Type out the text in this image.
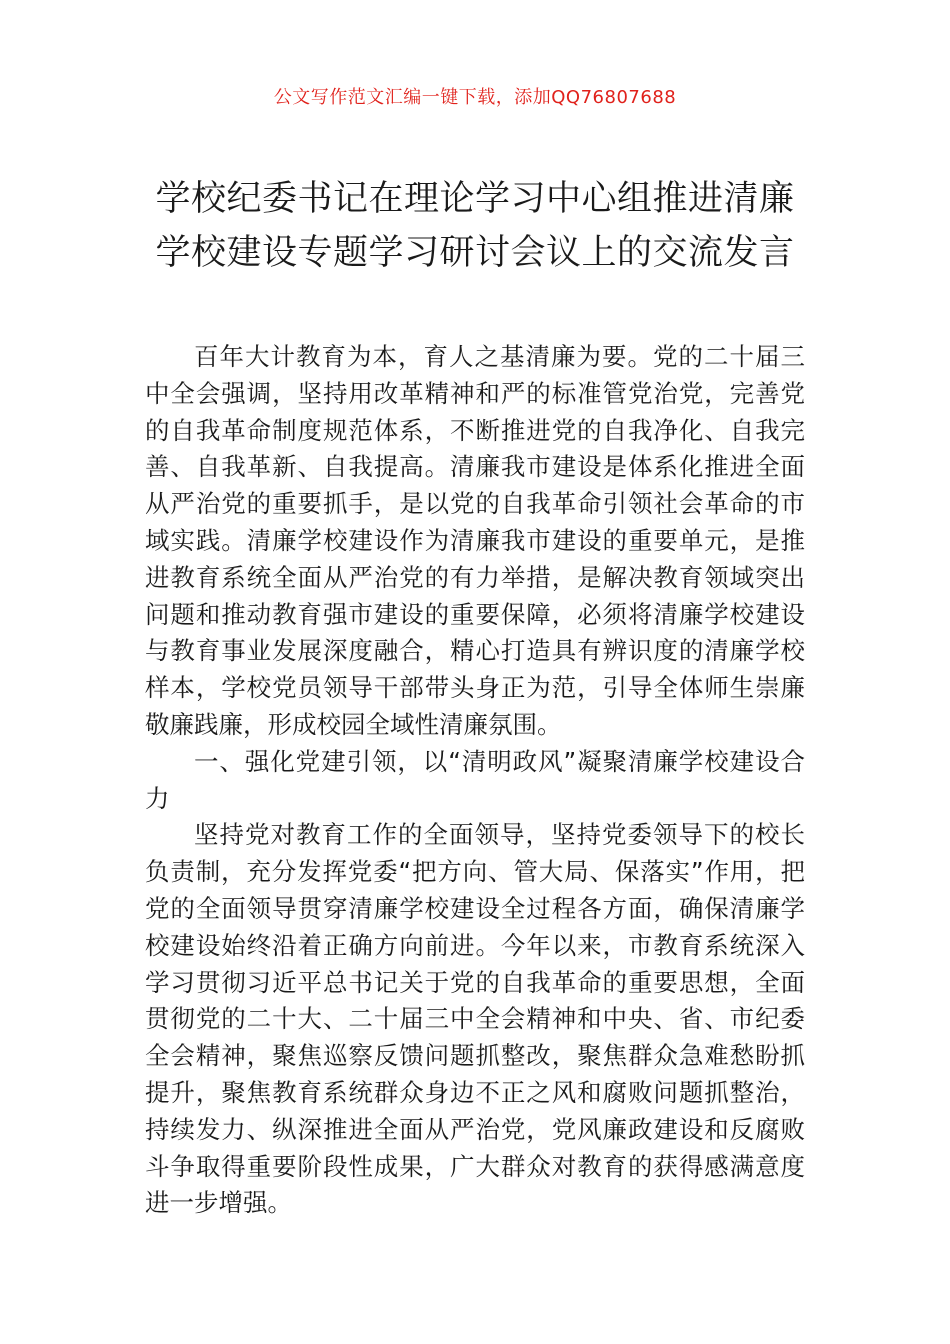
公文写作范文汇编一键下载，添加QQ76807688
学校纪委书记在理论学习中心组推进清廉
学校建设专题学习研讨会议上的交流发言

百年大计教育为本，育人之基清廉为要。党的二十届三中全会强调，坚持用改革精神和严的标准管党治党，完善党的自我革命制度规范体系，不断推进党的自我净化、自我完善、自我革新、自我提高。清廉我市建设是体系化推进全面从严治党的重要抓手，是以党的自我革命引领社会革命的市域实践。清廉学校建设作为清廉我市建设的重要单元，是推进教育系统全面从严治党的有力举措，是解决教育领域突出问题和推动教育强市建设的重要保障，必须将清廉学校建设与教育事业发展深度融合，精心打造具有辨识度的清廉学校样本，学校党员领导干部带头身正为范，引导全体师生崇廉敬廉践廉，形成校园全域性清廉氛围。

一、强化党建引领，以“清明政风”凝聚清廉学校建设合力

坚持党对教育工作的全面领导，坚持党委领导下的校长负责制，充分发挥党委“把方向、管大局、保落实”作用，把党的全面领导贯穿清廉学校建设全过程各方面，确保清廉学校建设始终沿着正确方向前进。今年以来，市教育系统深入学习贯彻习近平总书记关于党的自我革命的重要思想，全面贯彻党的二十大、二十届三中全会精神和中央、省、市纪委全会精神，聚焦巡察反馈问题抓整改，聚焦群众急难愁盼抓提升，聚焦教育系统群众身边不正之风和腐败问题抓整治，持续发力、纵深推进全面从严治党，党风廉政建设和反腐败斗争取得重要阶段性成果，广大群众对教育的获得感满意度进一步增强。
